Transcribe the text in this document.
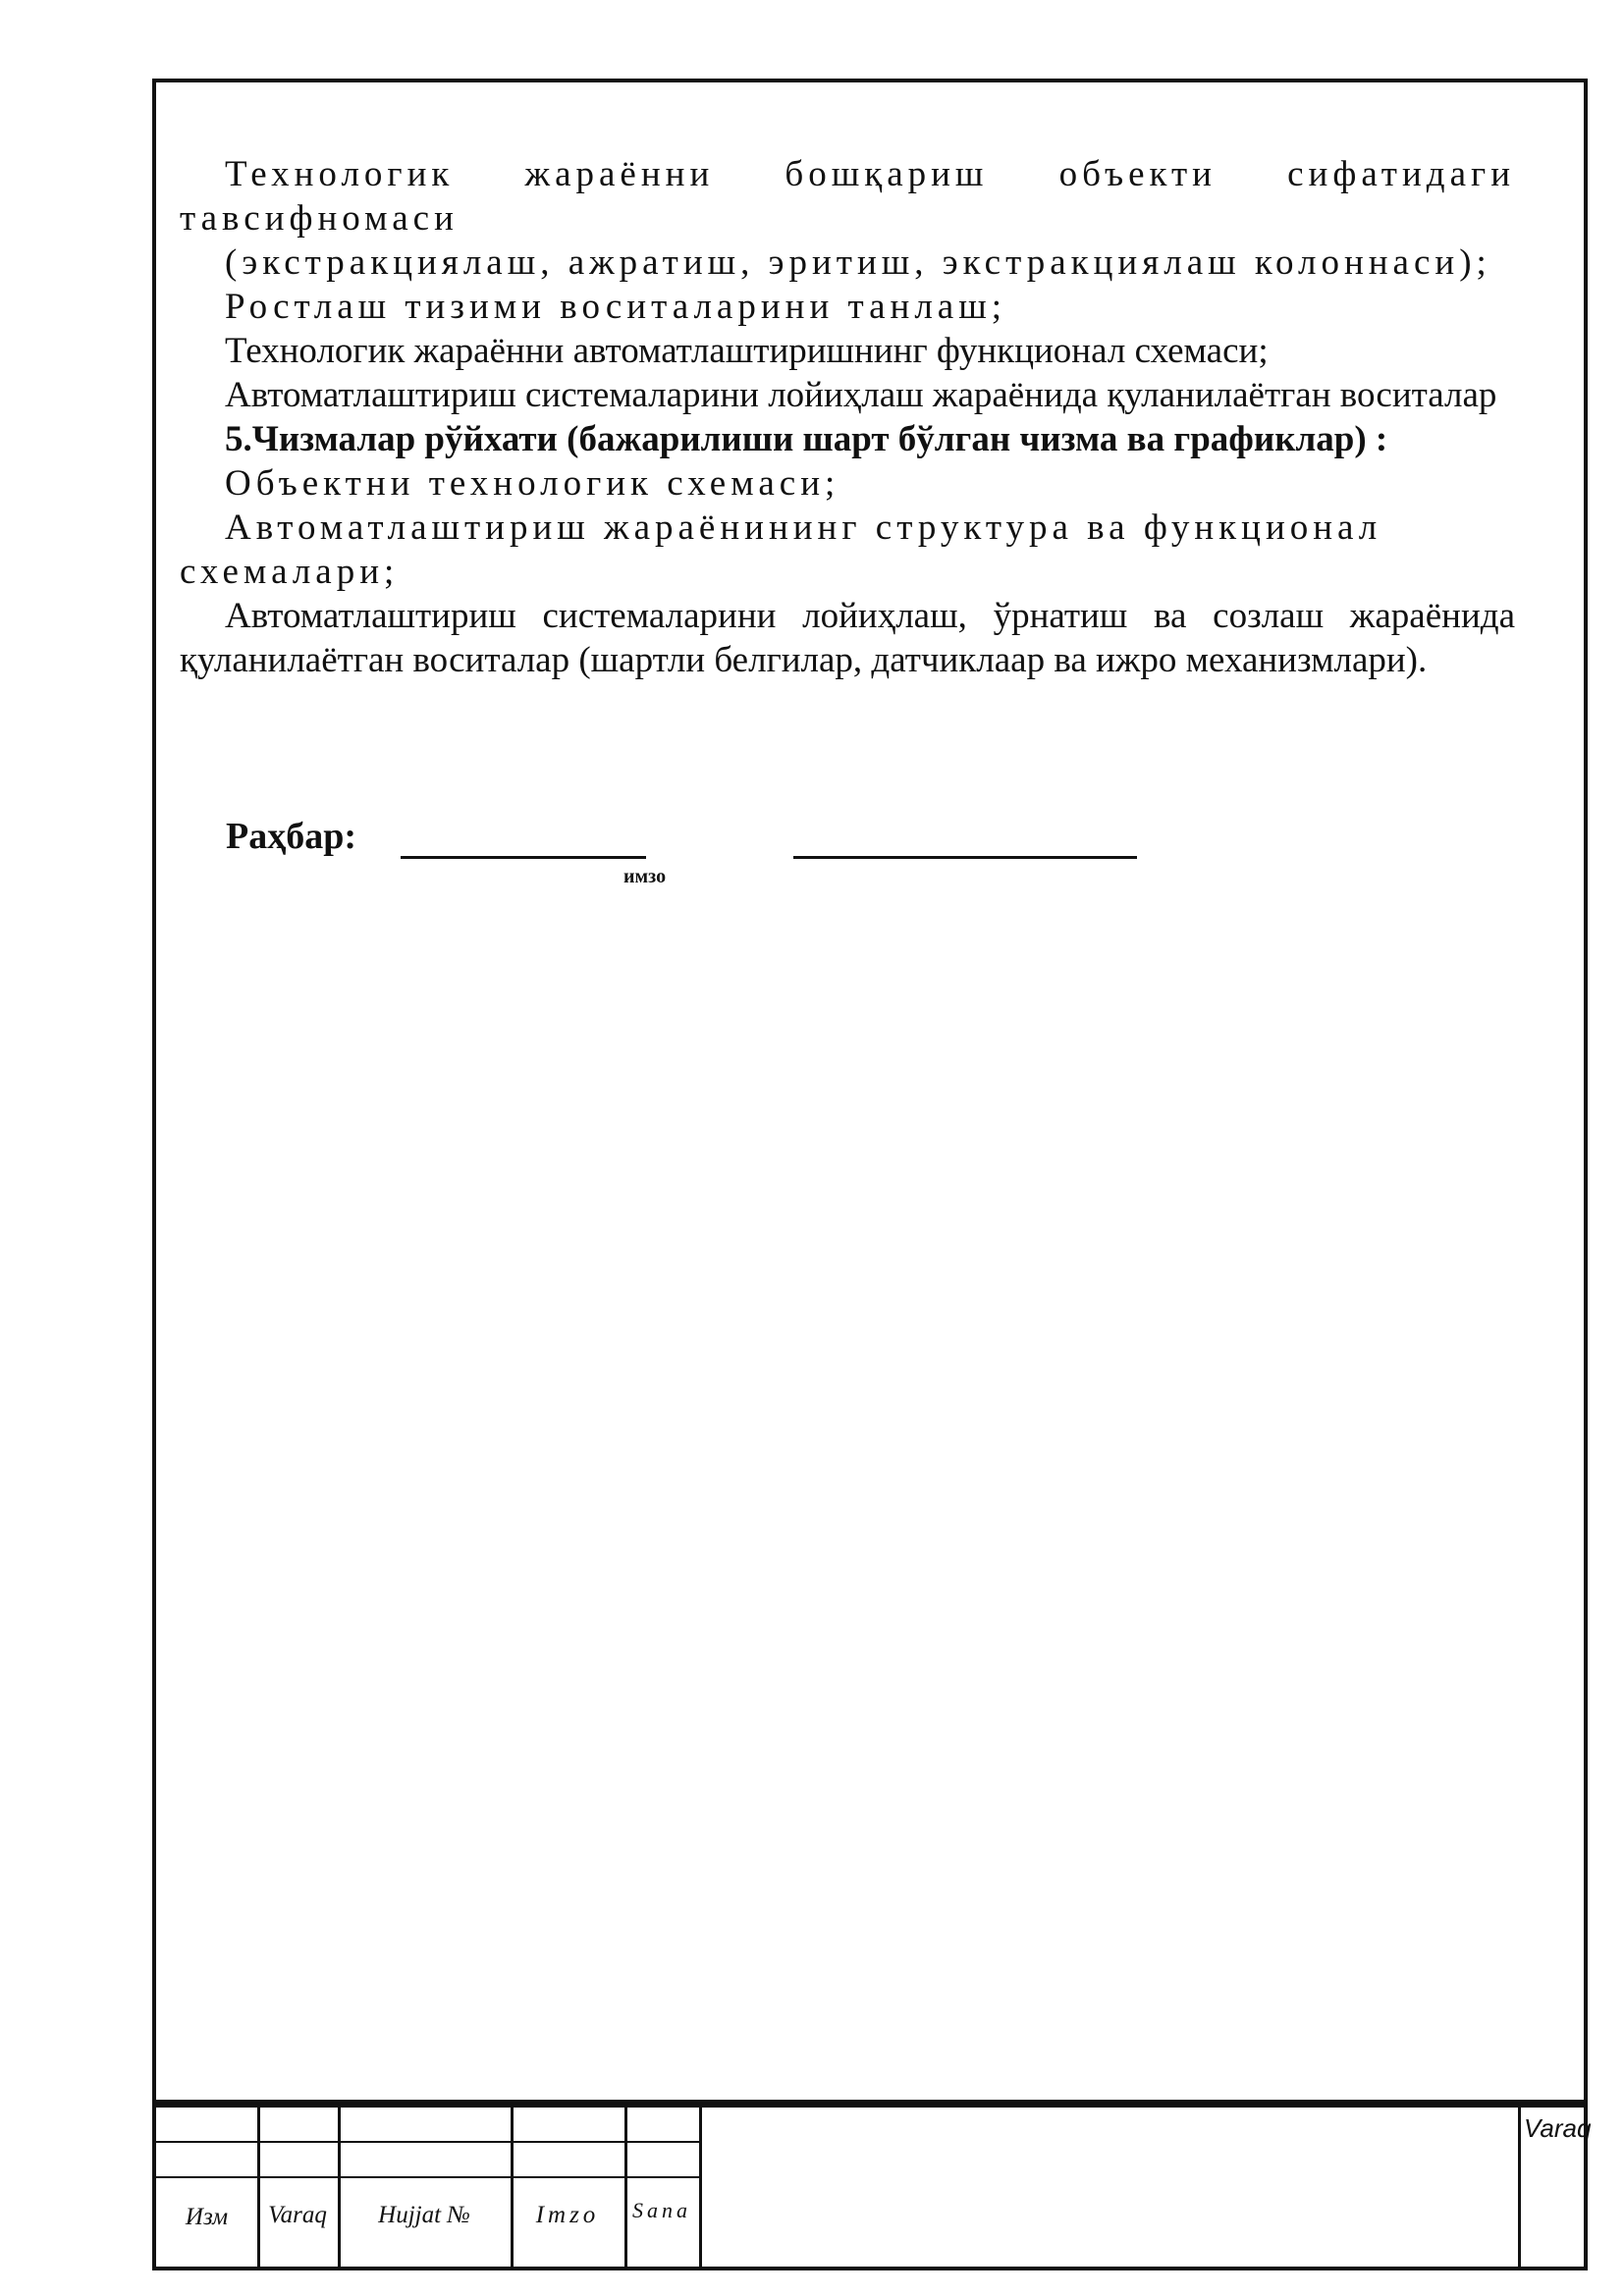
Технологик жараённи бошқариш объекти сифатидаги тавсифномаси

(экстракциялаш, ажратиш, эритиш, экстракциялаш колоннаси);

Ростлаш тизими воситаларини танлаш;

Технологик жараённи автоматлаштиришнинг функционал схемаси;

Автоматлаштириш системаларини лойиҳлаш жараёнида қуланилаётган воситалар

5.Чизмалар рўйхати (бажарилиши шарт бўлган чизма ва графиклар) :

Объектни технологик схемаси;

Автоматлаштириш жараёнининг структура ва функционал схемалари;

Автоматлаштириш системаларини лойиҳлаш, ўрнатиш ва созлаш жараёнида қуланилаётган воситалар (шартли белгилар, датчиклаар ва ижро механизмлари).

Раҳбар:
имзо
Изм	Varaq	Hujjat №	Imzo	Sana
Varaq
